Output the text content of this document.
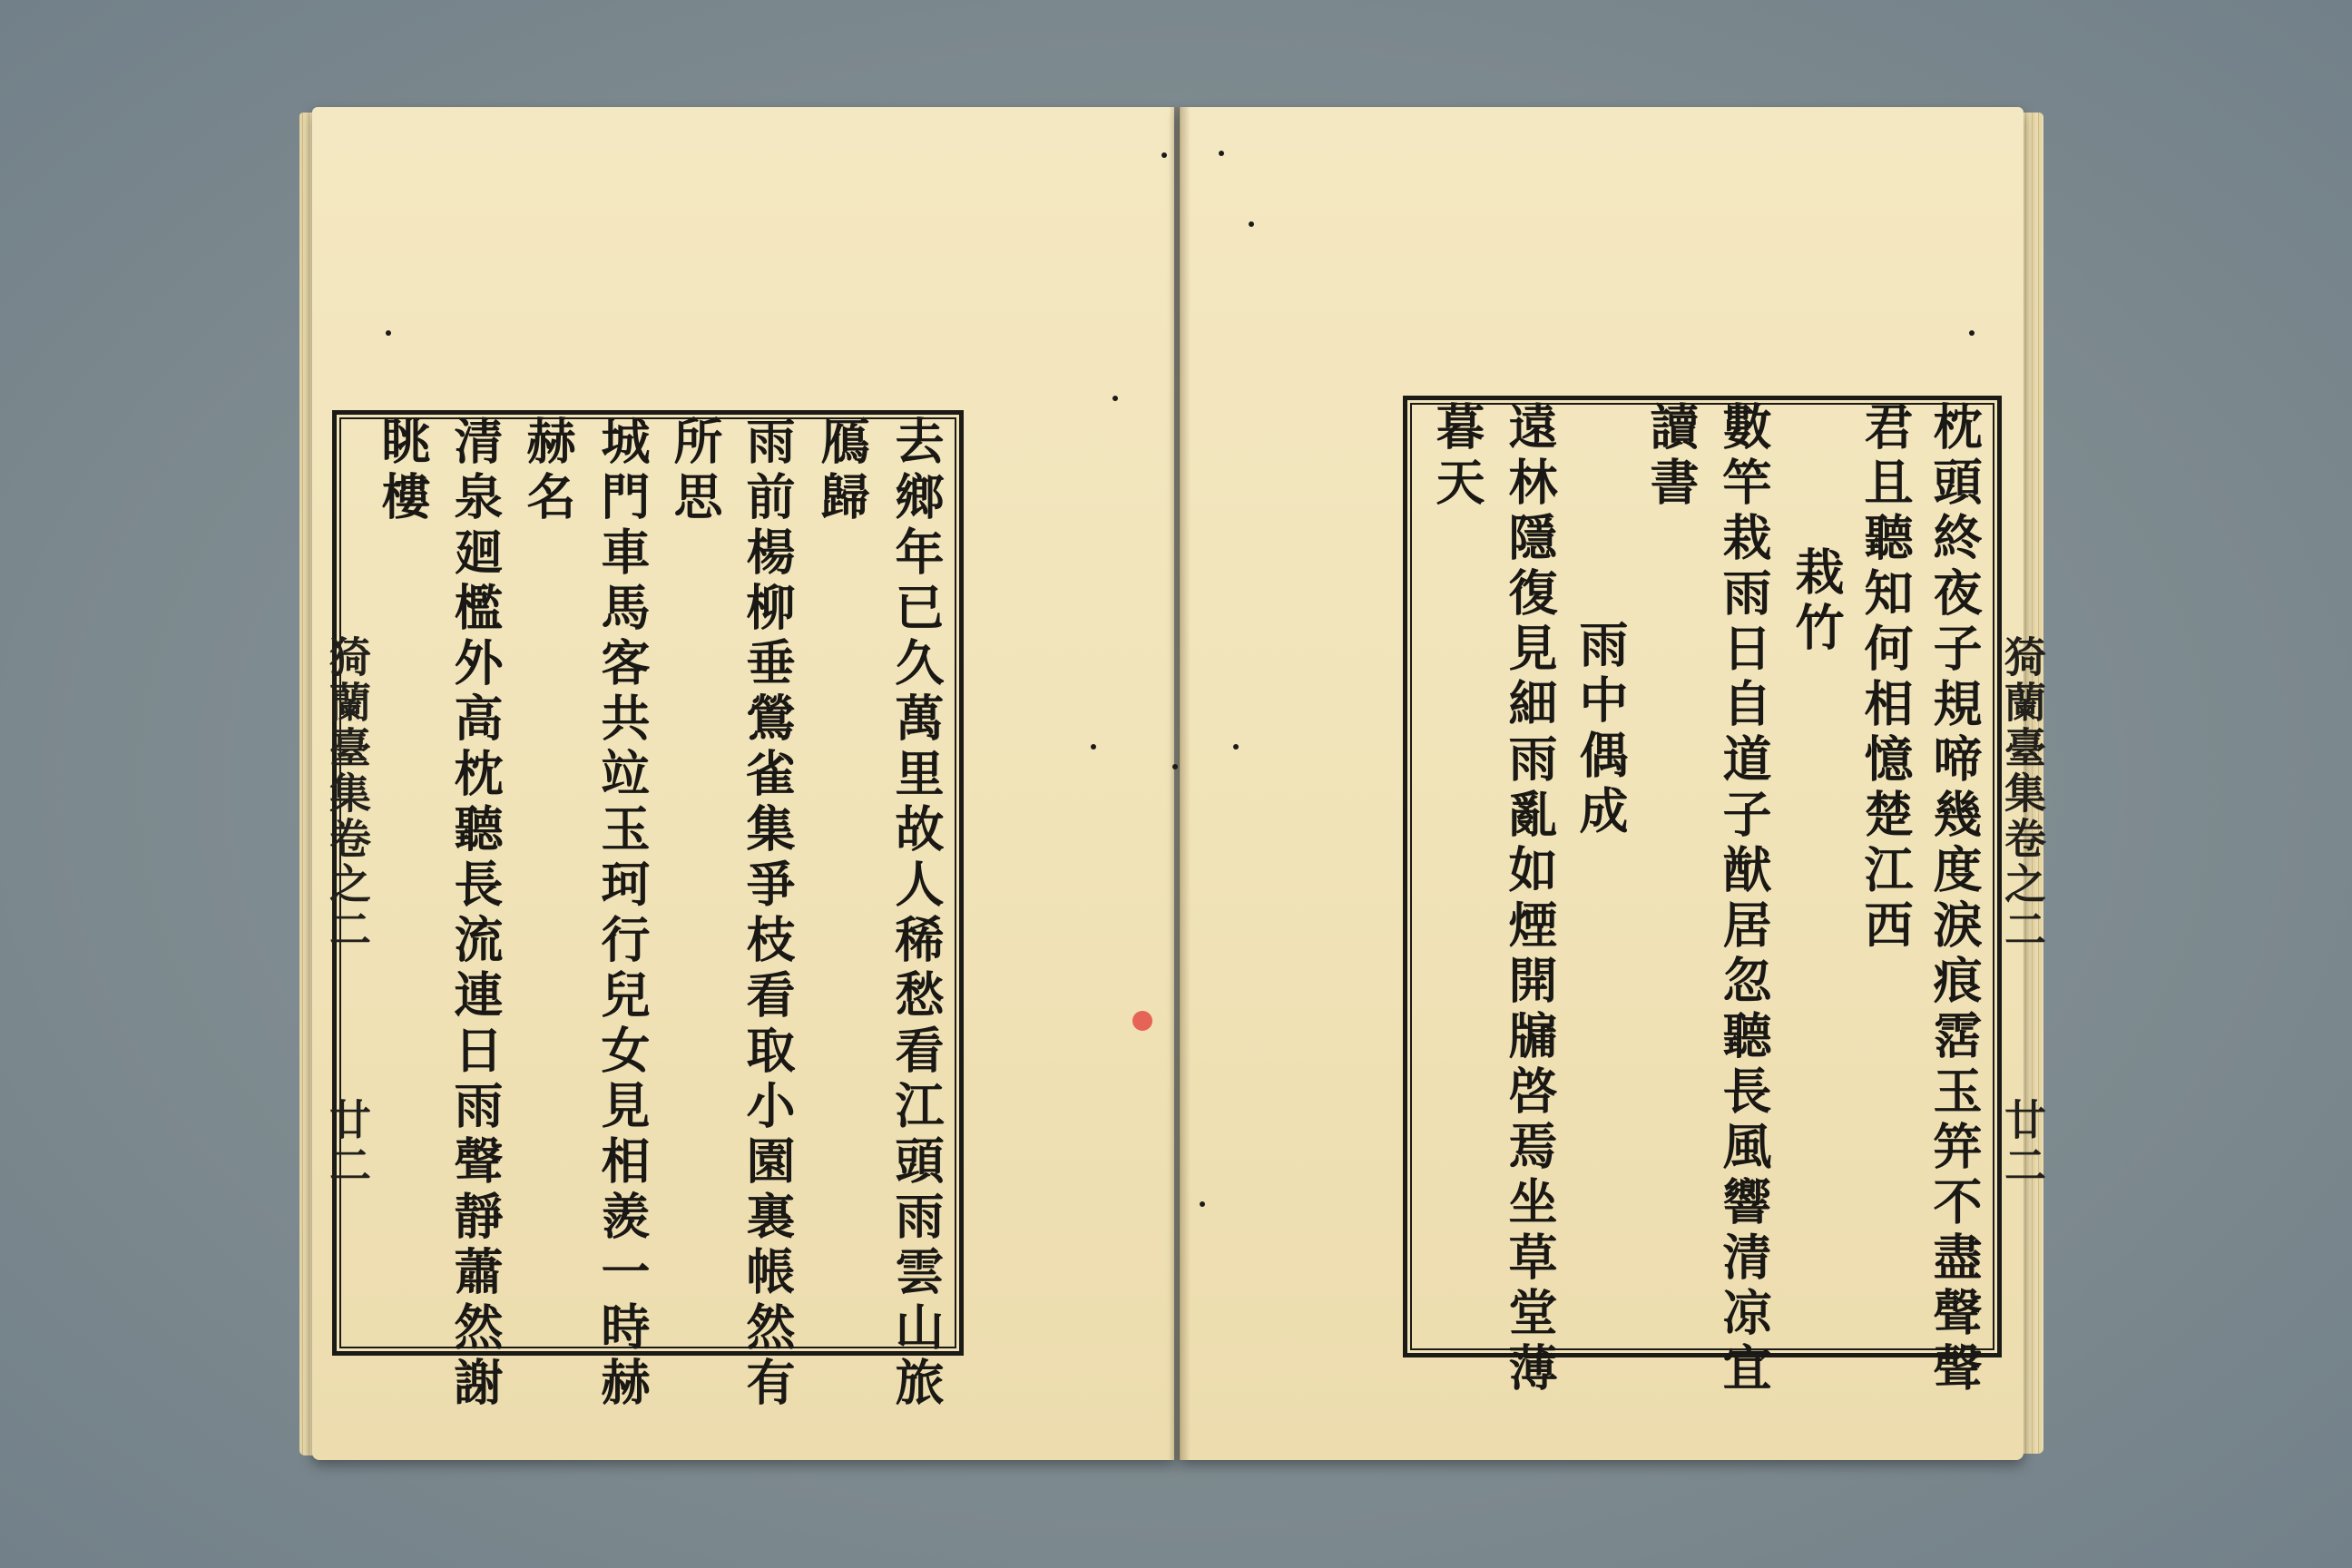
去鄉年已久萬里故人稀愁看江頭雨雲山旅
鴈歸
雨前楊柳垂鶯雀集爭枝看取小園裏帳然有
所思
城門車馬客共竝玉珂行兒女見相羨一時赫
赫名
清泉廻檻外高枕聽長流連日雨聲靜蕭然謝
眺樓
猗蘭臺集卷之二
廿二	枕頭終夜子規啼幾度淚痕霑玉笄不盡聲聲
君且聽知何相憶楚江西
栽竹
數竿栽雨日自道子猷居忽聽長風響清凉宜
讀書
雨中偶成
遠林隱復見細雨亂如煙開牖啓焉坐草堂薄
暮天
猗蘭臺集卷之二
廿二
